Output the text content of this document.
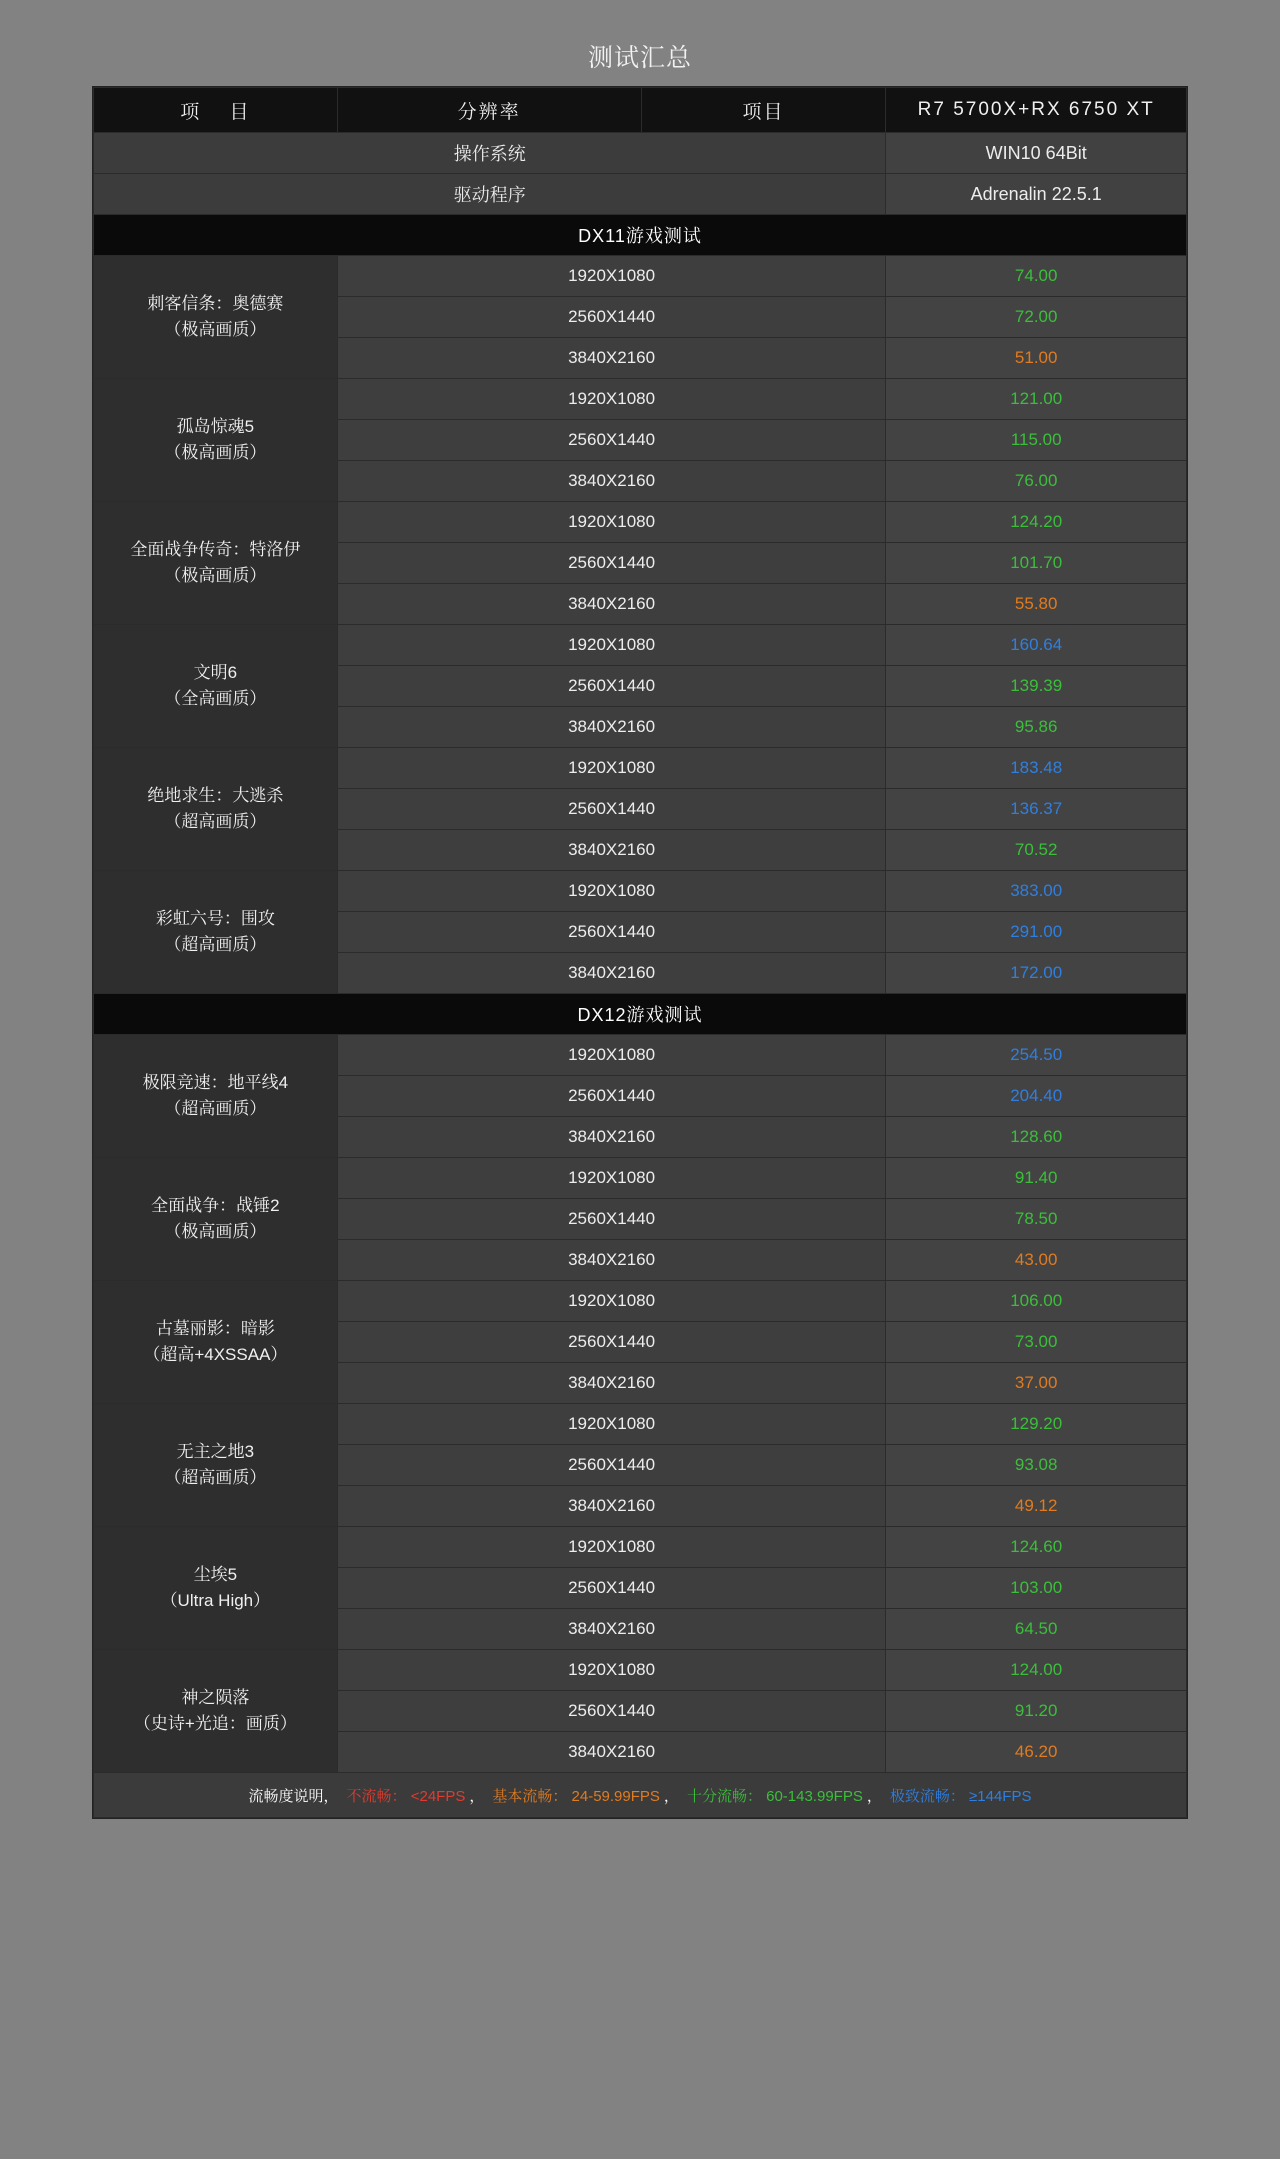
测试汇总
项　 目	分辨率	项目	R7 5700X+RX 6750 XT
操作系统			WIN10 64Bit
驱动程序			Adrenalin 22.5.1
DX11游戏测试			
刺客信条：奥德赛
（极高画质）	1920X1080		74.00
	2560X1440		72.00
	3840X2160		51.00
孤岛惊魂5
（极高画质）	1920X1080		121.00
	2560X1440		115.00
	3840X2160		76.00
全面战争传奇：特洛伊
（极高画质）	1920X1080		124.20
	2560X1440		101.70
	3840X2160		55.80
文明6
（全高画质）	1920X1080		160.64
	2560X1440		139.39
	3840X2160		95.86
绝地求生：大逃杀
（超高画质）	1920X1080		183.48
	2560X1440		136.37
	3840X2160		70.52
彩虹六号：围攻
（超高画质）	1920X1080		383.00
	2560X1440		291.00
	3840X2160		172.00
DX12游戏测试			
极限竞速：地平线4
（超高画质）	1920X1080		254.50
	2560X1440		204.40
	3840X2160		128.60
全面战争：战锤2
（极高画质）	1920X1080		91.40
	2560X1440		78.50
	3840X2160		43.00
古墓丽影：暗影
（超高+4XSSAA）	1920X1080		106.00
	2560X1440		73.00
	3840X2160		37.00
无主之地3
（超高画质）	1920X1080		129.20
	2560X1440		93.08
	3840X2160		49.12
尘埃5
（Ultra High）	1920X1080		124.60
	2560X1440		103.00
	3840X2160		64.50
神之陨落
（史诗+光追：画质）	1920X1080		124.00
	2560X1440		91.20
	3840X2160		46.20

流畅度说明， 不流畅： <24FPS ， 基本流畅： 24-59.99FPS ， 十分流畅： 60-143.99FPS ， 极致流畅： ≥144FPS
